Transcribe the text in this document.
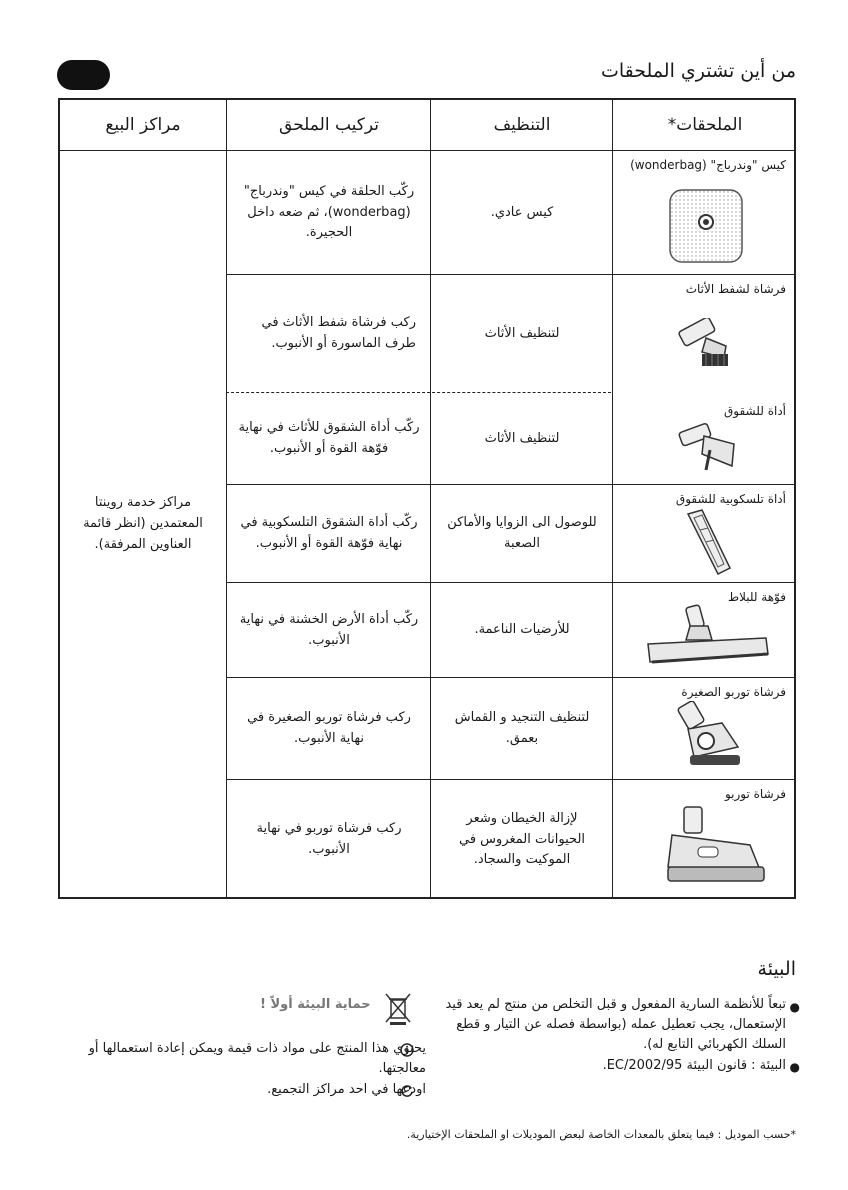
من أين تشتري الملحقات
الملحقات*
التنظيف
تركيب الملحق
مراكز البيع
مراكز خدمة روينتا المعتمدين (انظر قائمة العناوين المرفقة).
كيس "وندرباج" (wonderbag)
كيس عادي.
ركّب الحلقة في كيس "وندرباج" (wonderbag)، ثم ضعه داخل الحجيرة.
فرشاة لشفط الأثاث
لتنظيف الأثاث
ركب فرشاة شفط الأثاث في طرف الماسورة أو الأنبوب.
أداة للشقوق
لتنظيف الأثاث
ركّب أداة الشقوق للأثاث في نهاية فوّهة القوة أو الأنبوب.
أداة تلسكوبية للشقوق
للوصول الى الزوايا والأماكن الصعبة
ركّب أداة الشقوق التلسكوبية في نهاية فوّهة القوة أو الأنبوب.
فوّهة للبلاط
للأرضيات الناعمة.
ركّب أداة الأرض الخشنة في نهاية الأنبوب.
فرشاة توربو الصغيرة
لتنظيف التنجيد و القماش بعمق.
ركب فرشاة توربو الصغيرة في نهاية الأنبوب.
فرشاة توربو
لإزالة الخيطان وشعر الحيوانات المغروس في الموكيت والسجاد.
ركب فرشاة توربو في نهاية الأنبوب.
البيئة
●
تبعاً للأنظمة السارية المفعول و قبل التخلص من منتج لم يعد قيد الإستعمال، يجب تعطيل عمله (بواسطة فصله عن التيار و قطع السلك الكهربائي التابع له).
●
البيئة : قانون البيئة 2002/95/EC.
حماية البيئة أولاً !
يحتوي هذا المنتج على مواد ذات قيمة ويمكن إعادة استعمالها أو معالجتها.
اودعها في احد مراكز التجميع.
*حسب الموديل : فيما يتعلق بالمعدات الخاصة لبعض الموديلات او الملحقات الإختيارية.
